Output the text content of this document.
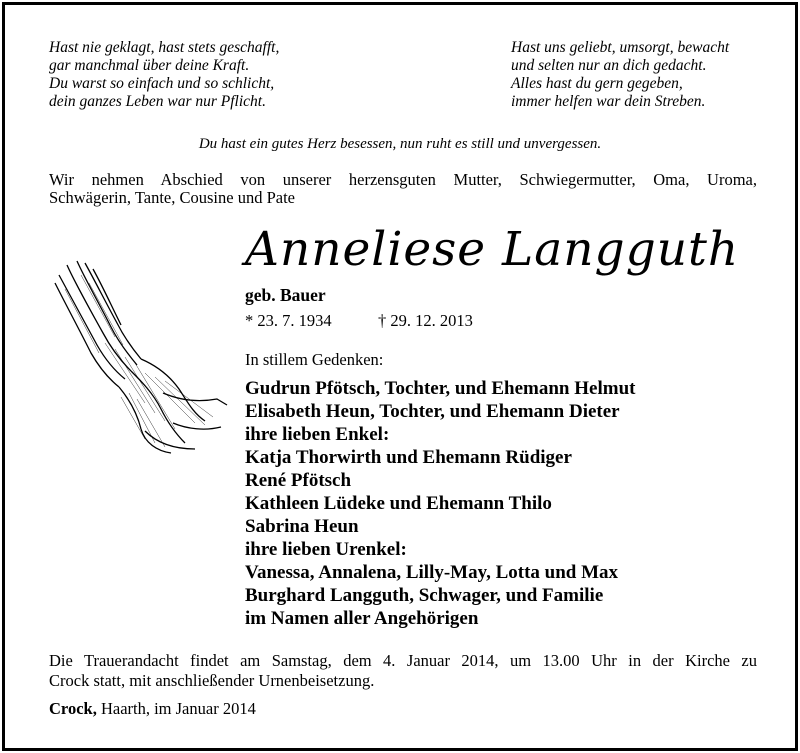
Hast nie geklagt, hast stets geschafft,
gar manchmal über deine Kraft.
Du warst so einfach und so schlicht,
dein ganzes Leben war nur Pflicht.
Hast uns geliebt, umsorgt, bewacht
und selten nur an dich gedacht.
Alles hast du gern gegeben,
immer helfen war dein Streben.
Du hast ein gutes Herz besessen, nun ruht es still und unvergessen.
Wir nehmen Abschied von unserer herzensguten Mutter, Schwiegermutter, Oma, Uroma,
Schwägerin, Tante, Cousine und Pate
Anneliese Langguth
geb. Bauer
* 23. 7. 1934	† 29. 12. 2013
In stillem Gedenken:
Gudrun Pfötsch, Tochter, und Ehemann Helmut
Elisabeth Heun, Tochter, und Ehemann Dieter
ihre lieben Enkel:
Katja Thorwirth und Ehemann Rüdiger
René Pfötsch
Kathleen Lüdeke und Ehemann Thilo
Sabrina Heun
ihre lieben Urenkel:
Vanessa, Annalena, Lilly-May, Lotta und Max
Burghard Langguth, Schwager, und Familie
im Namen aller Angehörigen
Die Trauerandacht findet am Samstag, dem 4. Januar 2014, um 13.00 Uhr in der Kirche zu
Crock statt, mit anschließender Urnenbeisetzung.
Crock, Haarth, im Januar 2014
